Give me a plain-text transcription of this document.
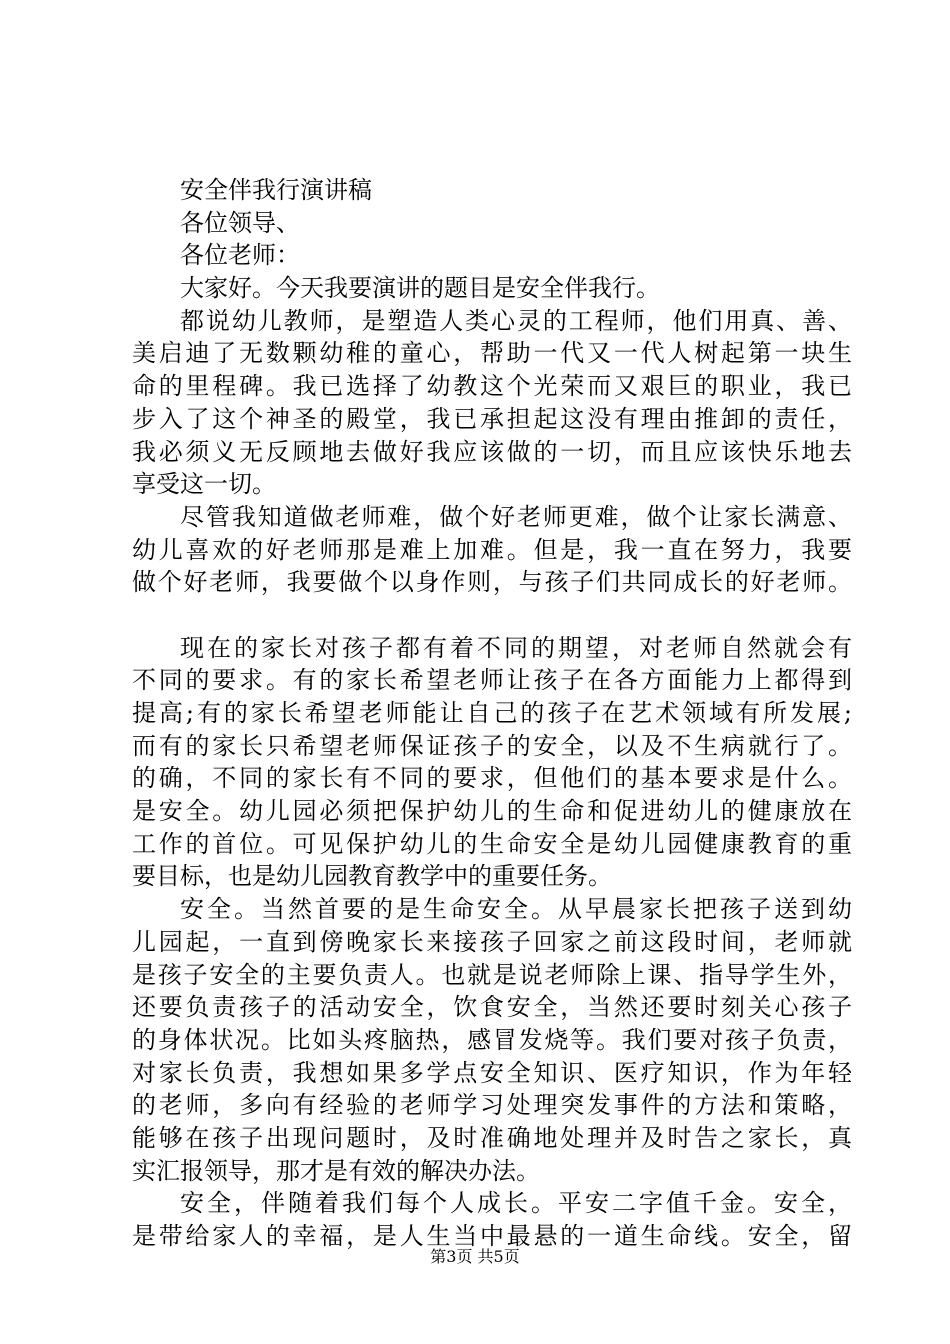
安全伴我行演讲稿
各位领导、
各位老师：
大家好。今天我要演讲的题目是安全伴我行。
都说幼儿教师，是塑造人类心灵的工程师，他们用真、善、
美启迪了无数颗幼稚的童心，帮助一代又一代人树起第一块生
命的里程碑。我已选择了幼教这个光荣而又艰巨的职业，我已
步入了这个神圣的殿堂，我已承担起这没有理由推卸的责任，
我必须义无反顾地去做好我应该做的一切，而且应该快乐地去
享受这一切。
尽管我知道做老师难，做个好老师更难，做个让家长满意、
幼儿喜欢的好老师那是难上加难。但是，我一直在努力，我要
做个好老师，我要做个以身作则，与孩子们共同成长的好老师。
现在的家长对孩子都有着不同的期望，对老师自然就会有
不同的要求。有的家长希望老师让孩子在各方面能力上都得到
提高;有的家长希望老师能让自己的孩子在艺术领域有所发展;
而有的家长只希望老师保证孩子的安全，以及不生病就行了。
的确，不同的家长有不同的要求，但他们的基本要求是什么。
是安全。幼儿园必须把保护幼儿的生命和促进幼儿的健康放在
工作的首位。可见保护幼儿的生命安全是幼儿园健康教育的重
要目标，也是幼儿园教育教学中的重要任务。
安全。当然首要的是生命安全。从早晨家长把孩子送到幼
儿园起，一直到傍晚家长来接孩子回家之前这段时间，老师就
是孩子安全的主要负责人。也就是说老师除上课、指导学生外，
还要负责孩子的活动安全，饮食安全，当然还要时刻关心孩子
的身体状况。比如头疼脑热，感冒发烧等。我们要对孩子负责，
对家长负责，我想如果多学点安全知识、医疗知识，作为年轻
的老师，多向有经验的老师学习处理突发事件的方法和策略，
能够在孩子出现问题时，及时准确地处理并及时告之家长，真
实汇报领导，那才是有效的解决办法。
安全，伴随着我们每个人成长。平安二字值千金。安全，
是带给家人的幸福，是人生当中最悬的一道生命线。安全，留
第3页 共5页
